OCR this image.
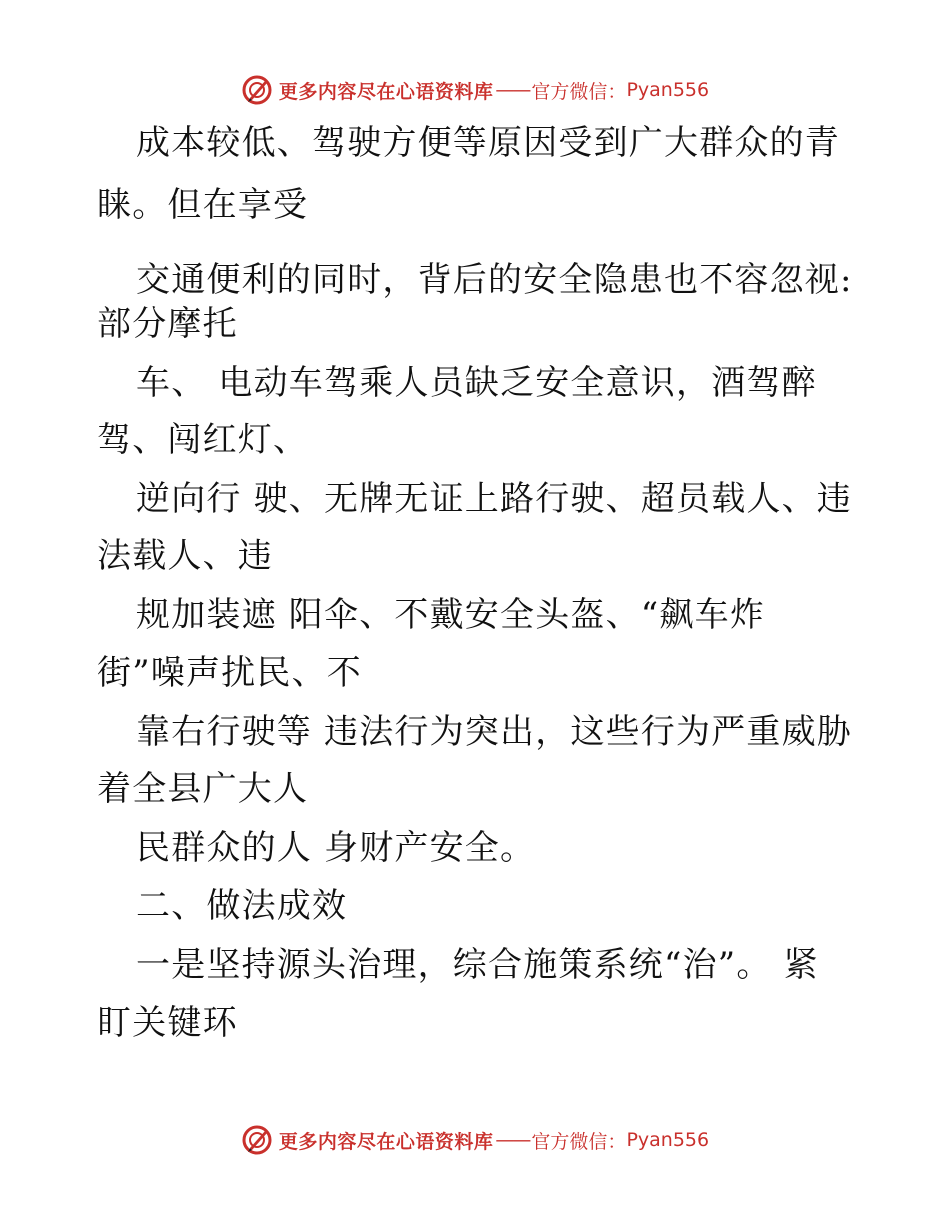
更多内容尽在心语资料库 —— 官方微信： Pyan556
成本较低、驾驶方便等原因受到广大群众的青
睐。但在享受
交通便利的同时，背后的安全隐患也不容忽视:
部分摩托
车、 电动车驾乘人员缺乏安全意识，酒驾醉
驾、闯红灯、
逆向行 驶、无牌无证上路行驶、超员载人、违
法载人、违
规加装遮 阳伞、不戴安全头盔、“飙车炸
街”噪声扰民、不
靠右行驶等 违法行为突出，这些行为严重威胁
着全县广大人
民群众的人 身财产安全。
二、做法成效
一是坚持源头治理，综合施策系统“治”。 紧
盯关键环
更多内容尽在心语资料库 —— 官方微信： Pyan556
